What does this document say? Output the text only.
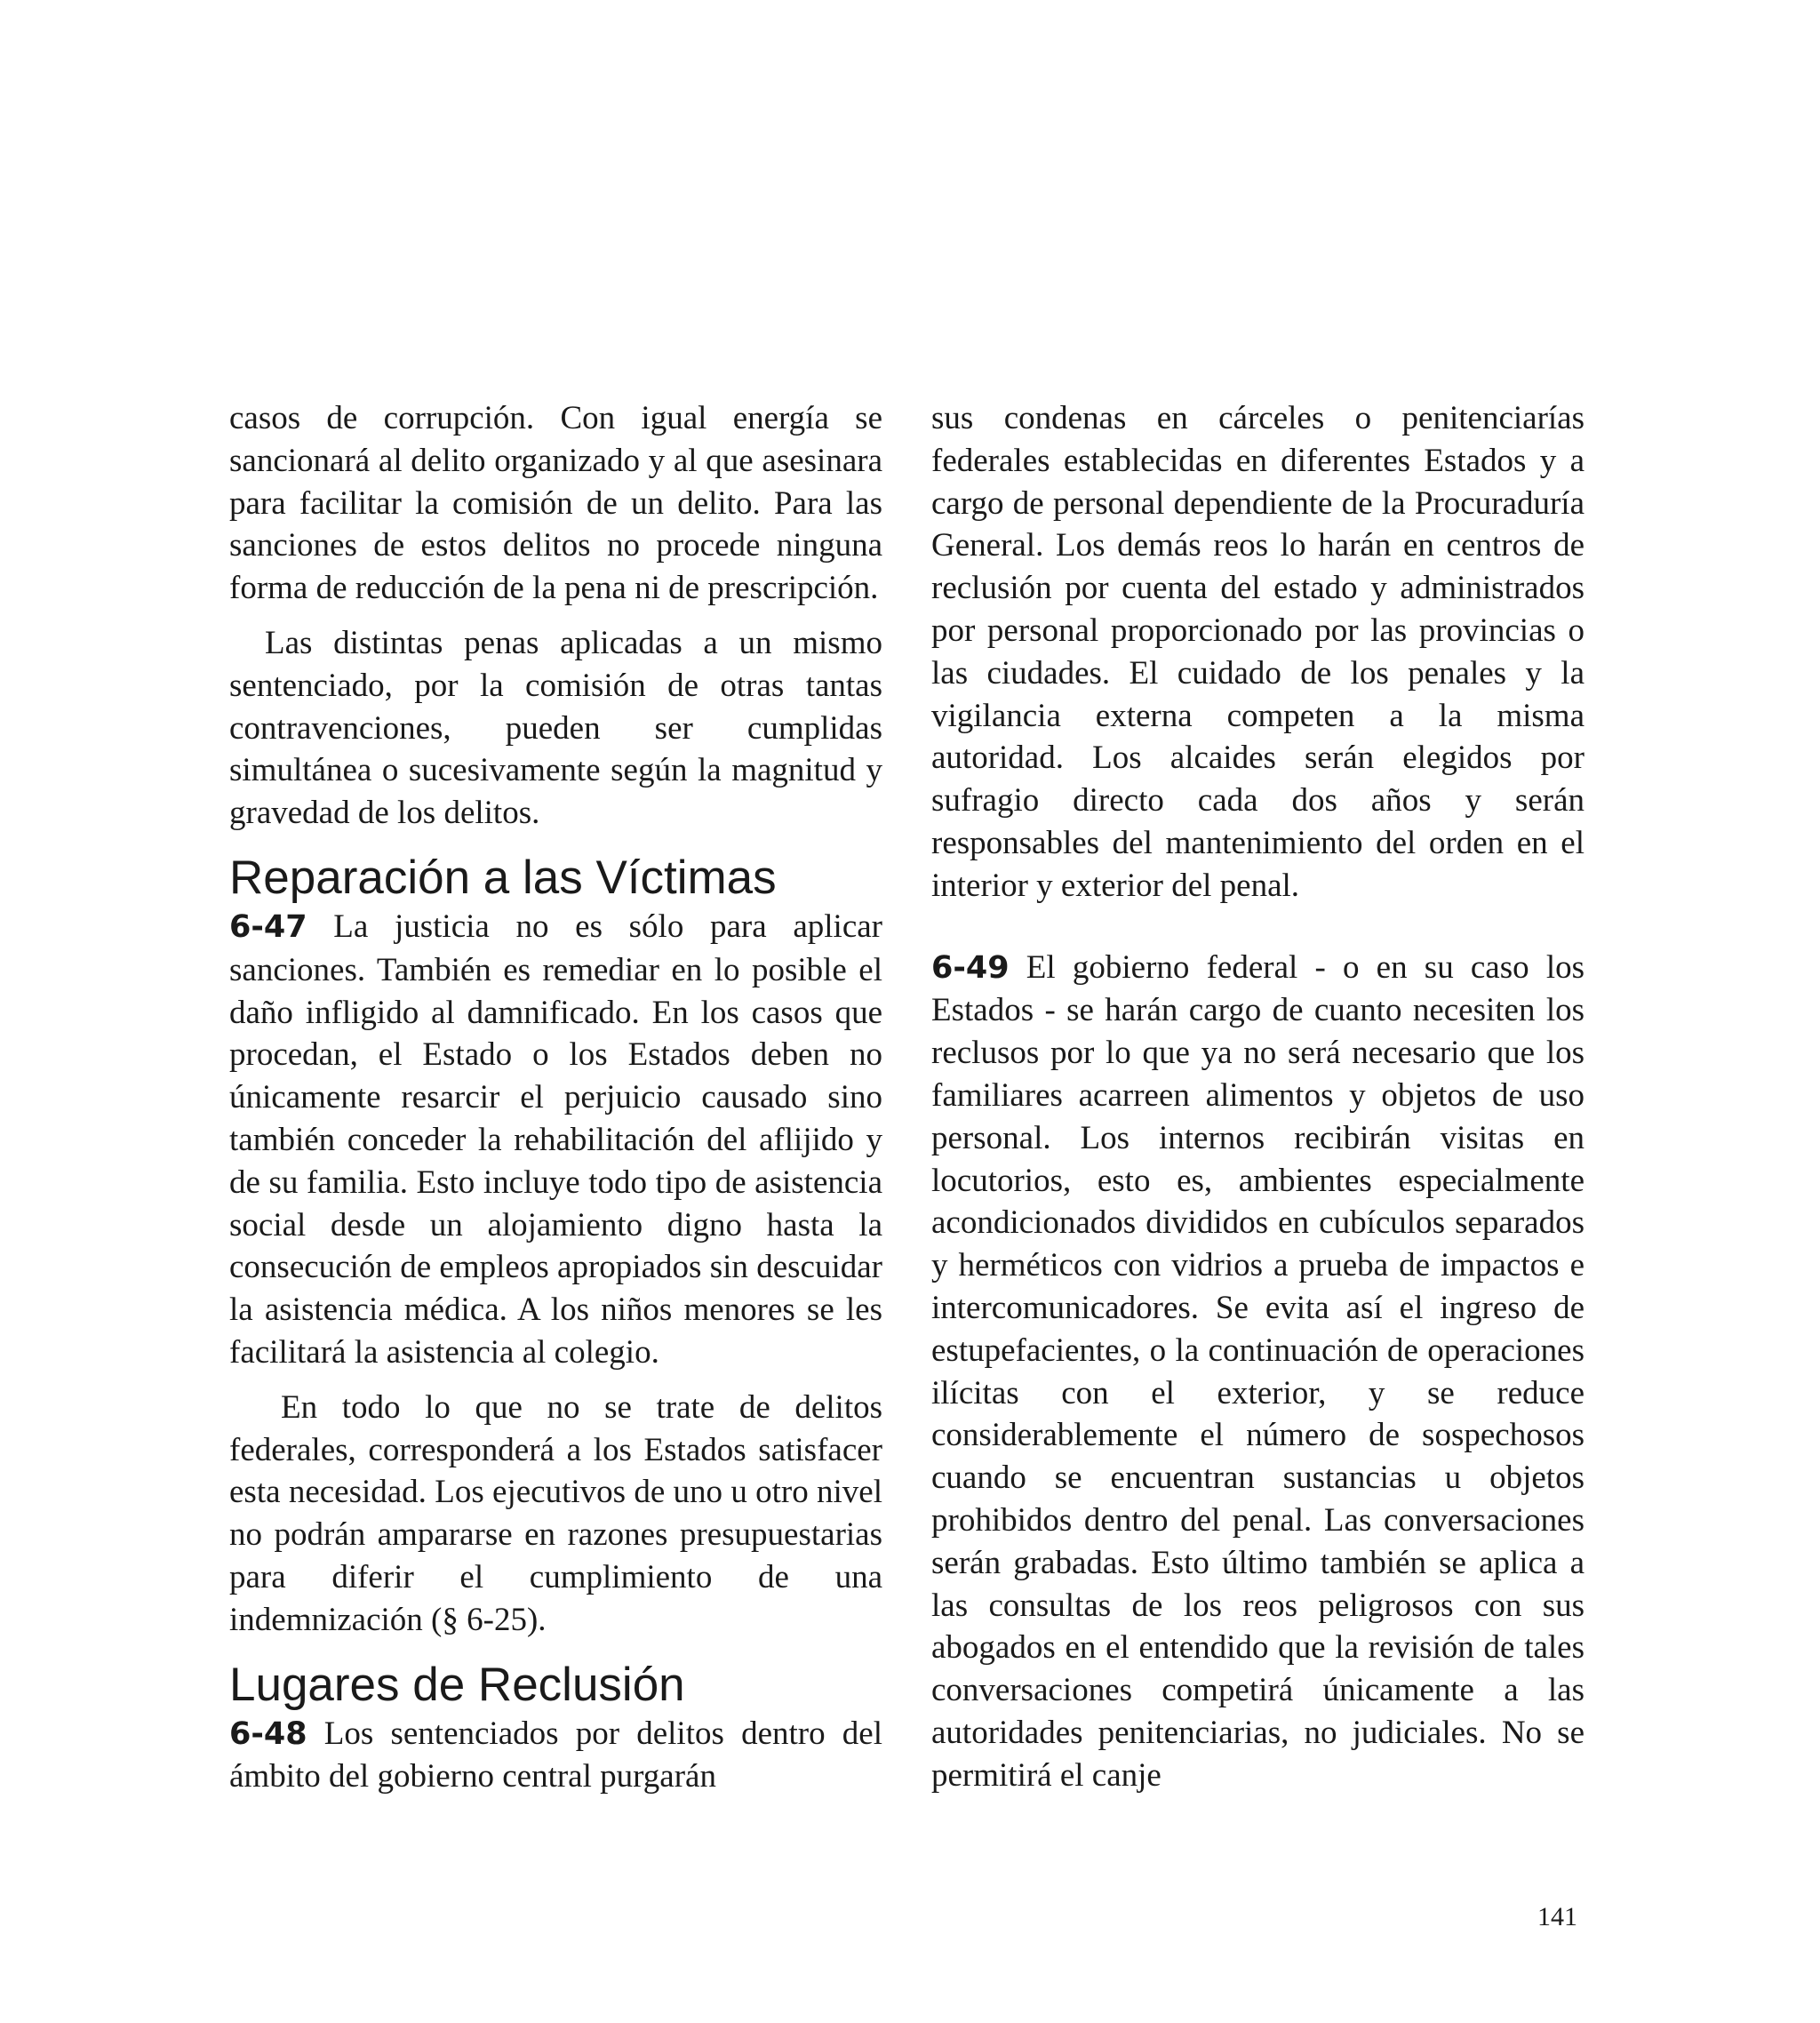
casos de corrupción. Con igual energía se sancionará al delito organizado y al que asesinara para facilitar la comisión de un delito. Para las sanciones de estos delitos no procede ninguna forma de reducción de la pena ni de prescripción.

Las distintas penas aplicadas a un mismo sentenciado, por la comisión de otras tantas contravenciones, pueden ser cumplidas simultánea o sucesivamente según la magnitud y gravedad de los delitos.

Reparación a las Víctimas

6-47 La justicia no es sólo para aplicar sanciones. También es remediar en lo posible el daño infligido al damnificado. En los casos que procedan, el Estado o los Estados deben no únicamente resarcir el perjuicio causado sino también conceder la rehabilitación del aflijido y de su familia. Esto incluye todo tipo de asistencia social desde un alojamiento digno hasta la consecución de empleos apropiados sin descuidar la asistencia médica. A los niños menores se les facilitará la asistencia al colegio.

En todo lo que no se trate de delitos federales, corresponderá a los Estados satisfacer esta necesidad. Los ejecutivos de uno u otro nivel no podrán ampararse en razones presupuestarias para diferir el cumplimiento de una indemnización (§ 6-25).

Lugares de Reclusión

6-48 Los sentenciados por delitos dentro del ámbito del gobierno central purgarán

sus condenas en cárceles o penitenciarías federales establecidas en diferentes Estados y a cargo de personal dependiente de la Procuraduría General. Los demás reos lo harán en centros de reclusión por cuenta del estado y administrados por personal proporcionado por las provincias o las ciudades. El cuidado de los penales y la vigilancia externa competen a la misma autoridad. Los alcaides serán elegidos por sufragio directo cada dos años y serán responsables del mantenimiento del orden en el interior y exterior del penal.

6-49 El gobierno federal - o en su caso los Estados - se harán cargo de cuanto necesiten los reclusos por lo que ya no será necesario que los familiares acarreen alimentos y objetos de uso personal. Los internos recibirán visitas en locutorios, esto es, ambientes especialmente acondicionados divididos en cubículos separados y herméticos con vidrios a prueba de impactos e intercomunicadores. Se evita así el ingreso de estupefacientes, o la continuación de operaciones ilícitas con el exterior, y se reduce considerablemente el número de sospechosos cuando se encuentran sustancias u objetos prohibidos dentro del penal. Las conversaciones serán grabadas. Esto último también se aplica a las consultas de los reos peligrosos con sus abogados en el entendido que la revisión de tales conversaciones competirá únicamente a las autoridades penitenciarias, no judiciales. No se permitirá el canje

141
